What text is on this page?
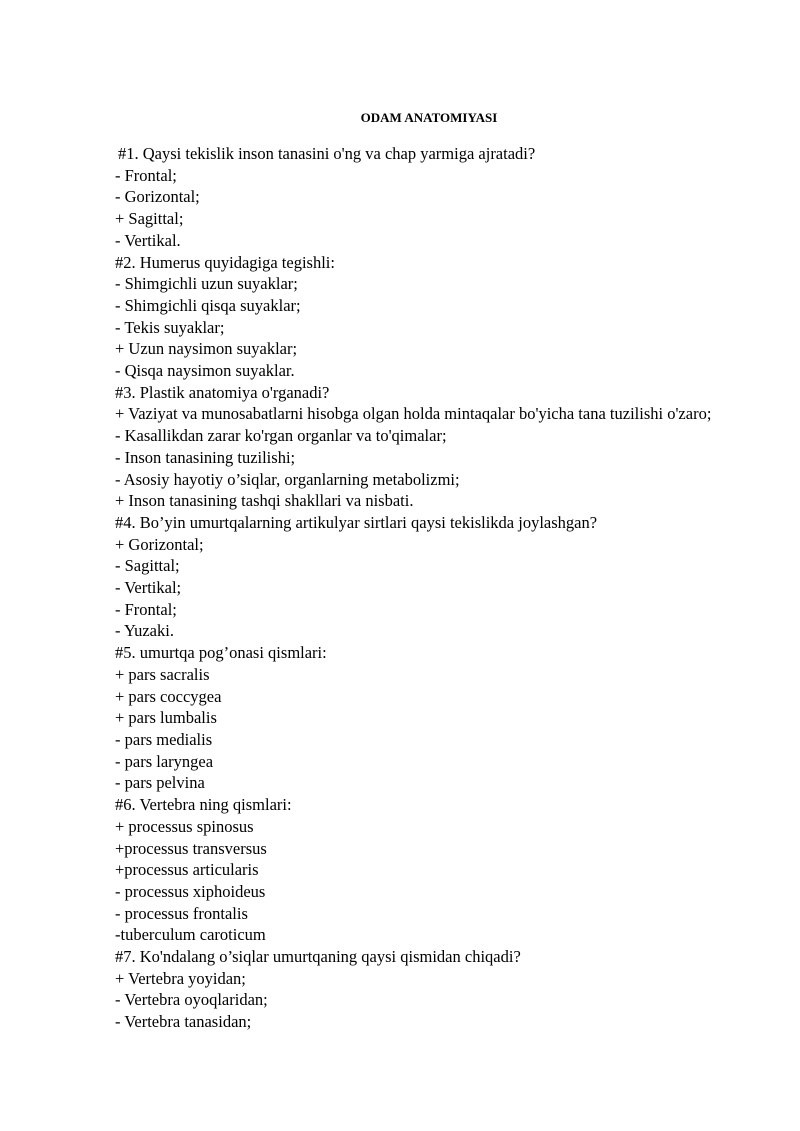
ODAM ANATOMIYASI
#1. Qaysi tekislik inson tanasini o'ng va chap yarmiga ajratadi?
- Frontal;
- Gorizontal;
+ Sagittal;
- Vertikal.
#2. Humerus quyidagiga tegishli:
- Shimgichli uzun suyaklar;
- Shimgichli qisqa suyaklar;
- Tekis suyaklar;
+ Uzun naysimon suyaklar;
- Qisqa naysimon suyaklar.
#3. Plastik anatomiya o'rganadi?
+ Vaziyat va munosabatlarni hisobga olgan holda mintaqalar bo'yicha tana tuzilishi o'zaro;
- Kasallikdan zarar ko'rgan organlar va to'qimalar;
- Inson tanasining tuzilishi;
- Asosiy hayotiy o’siqlar, organlarning metabolizmi;
+ Inson tanasining tashqi shakllari va nisbati.
#4. Bo’yin umurtqalarning artikulyar sirtlari qaysi tekislikda joylashgan?
+ Gorizontal;
- Sagittal;
- Vertikal;
- Frontal;
- Yuzaki.
#5. umurtqa pog’onasi qismlari:
+ pars sacralis
+ pars coccygea
+ pars lumbalis
- pars medialis
- pars laryngea
- pars pelvina
#6. Vertebra ning qismlari:
+ processus spinosus
+processus transversus
+processus articularis
- processus xiphoideus
- processus frontalis
-tuberculum caroticum
#7. Ko'ndalang o’siqlar umurtqaning qaysi qismidan chiqadi?
+ Vertebra yoyidan;
- Vertebra oyoqlaridan;
- Vertebra tanasidan;
